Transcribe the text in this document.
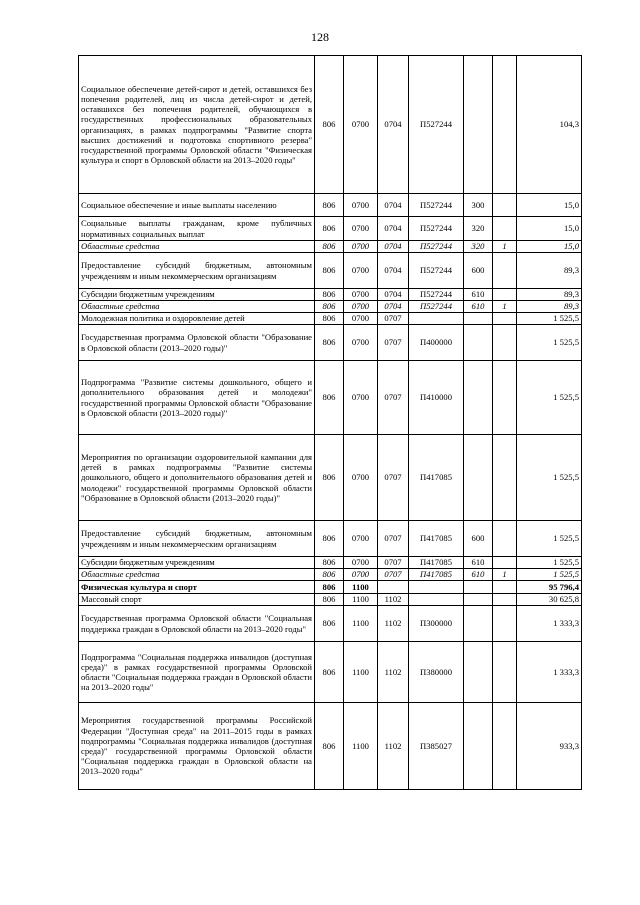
128
Социальное обеспечение детей-сирот и детей, оставшихся без попечения родителей, лиц из числа детей-сирот и детей, оставшихся без попечения родителей, обучающихся в государственных профессиональных образовательных организациях, в рамках подпрограммы "Развитие спорта высших достижений и подготовка спортивного резерва" государственной программы Орловской области "Физическая культура и спорт в Орловской области на 2013–2020 годы"	806	0700	0704	П527244			104,3
Социальное обеспечение и иные выплаты населению	806	0700	0704	П527244	300		15,0
Социальные выплаты гражданам, кроме публичных нормативных социальных выплат	806	0700	0704	П527244	320		15,0
Областные средства	806	0700	0704	П527244	320	1	15,0
Предоставление субсидий бюджетным, автономным учреждениям и иным некоммерческим организациям	806	0700	0704	П527244	600		89,3
Субсидии бюджетным учреждениям	806	0700	0704	П527244	610		89,3
Областные средства	806	0700	0704	П527244	610	1	89,3
Молодежная политика и оздоровление детей	806	0700	0707				1 525,5
Государственная программа Орловской области "Образование в Орловской области (2013–2020 годы)"	806	0700	0707	П400000			1 525,5
Подпрограмма "Развитие системы дошкольного, общего и дополнительного образования детей и молодежи" государственной программы Орловской области "Образование в Орловской области (2013–2020 годы)"	806	0700	0707	П410000			1 525,5
Мероприятия по организации оздоровительной кампании для детей в рамках подпрограммы "Развитие системы дошкольного, общего и дополнительного образования детей и молодежи" государственной программы Орловской области "Образование в Орловской области (2013–2020 годы)"	806	0700	0707	П417085			1 525,5
Предоставление субсидий бюджетным, автономным учреждениям и иным некоммерческим организациям	806	0700	0707	П417085	600		1 525,5
Субсидии бюджетным учреждениям	806	0700	0707	П417085	610		1 525,5
Областные средства	806	0700	0707	П417085	610	1	1 525,5
Физическая культура и спорт	806	1100					95 796,4
Массовый спорт	806	1100	1102				30 625,8
Государственная программа Орловской области "Социальная поддержка граждан в Орловской области на 2013–2020 годы"	806	1100	1102	П300000			1 333,3
Подпрограмма "Социальная поддержка инвалидов (доступная среда)" в рамках государственной программы Орловской области "Социальная поддержка граждан в Орловской области на 2013–2020 годы"	806	1100	1102	П380000			1 333,3
Мероприятия государственной программы Российской Федерации "Доступная среда" на 2011–2015 годы в рамках подпрограммы "Социальная поддержка инвалидов (доступная среда)" государственной программы Орловской области "Социальная поддержка граждан в Орловской области на 2013–2020 годы"	806	1100	1102	П385027			933,3
